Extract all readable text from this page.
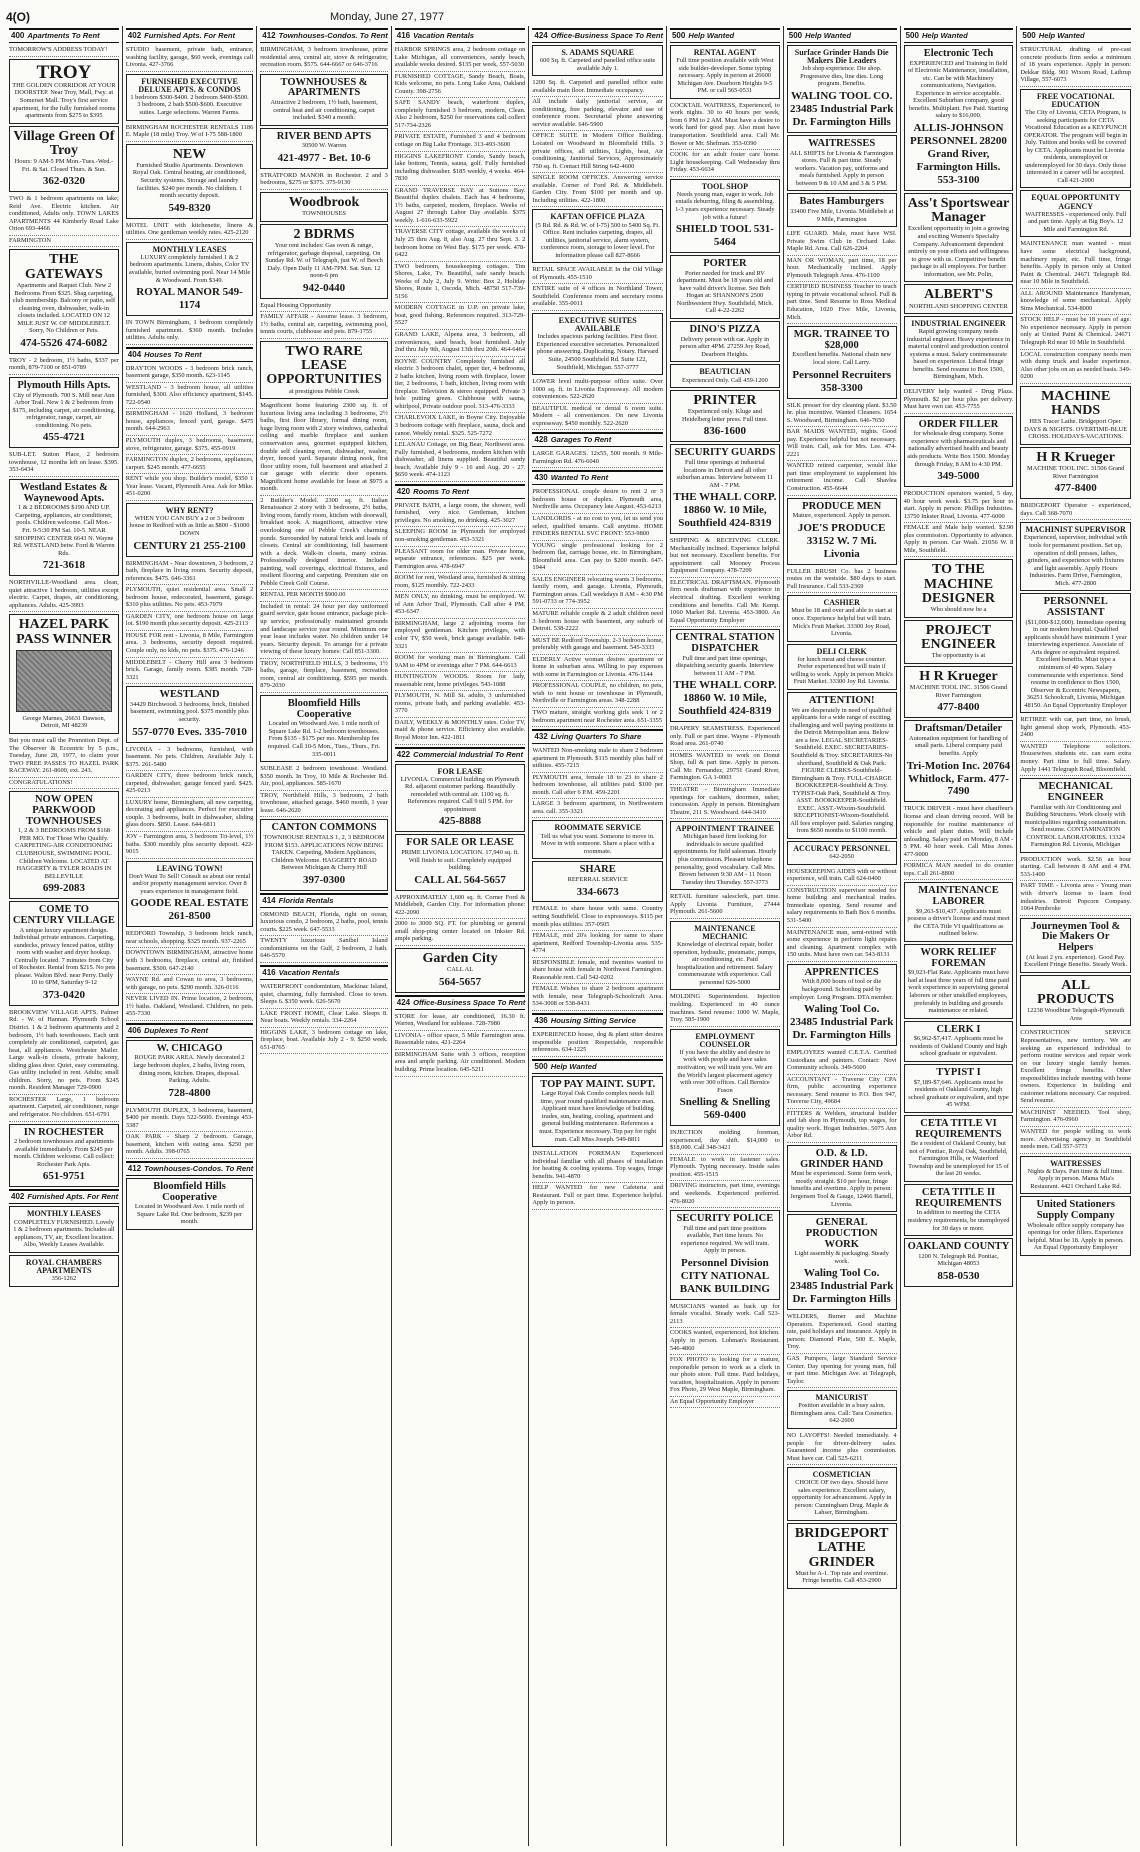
4(O)	Monday, June 27, 1977
400 Apartments To Rent
TOMORROW'S ADDRESS TODAY!
TROY
THE GOLDEN CORRIDOR AT YOUR DOORSTEP. Near Troy, Mall, Fwy. at Somerset Mall. Troy's first service apartment, for the fully furnished rooms apartments from $275 to $395
Village Green Of Troy
Hours: 9 AM-5 PM Mon.-Tues.-Wed.-Fri. & Sat. Closed Thurs. & Sun.
362-0320
TWO & 1 bedroom apartments on lake; Reid Ave. Electric kitchen. Air conditioned, Adults only. TOWN LAKES APARTMENTS 44 Kimberly Road Lake Orion 693-4466
FARMINGTON
THE GATEWAYS
Apartments and Raquet Club. New 2 Bedrooms From $325. Shag carpeting, club membership. Balcony or patio, self cleaning oven, dishwasher, walk-in closets included. LOCATED ON 12 MILE JUST W. OF MIDDLEBELT. Sorry, No Children or Pets.
474-5526 474-6082
TROY - 2 bedroom, 1½ baths, $337 per month, 879-7100 or 851-0789
Plymouth Hills Apts.
City of Plymouth. 700 S. Mill near Ann Arbor Trail. New 1 & 2 bedroom from $175, including carpet, air conditioning, refrigerator, range, carpet, air conditioning. No pets.
455-4721
SUB-LET. Sutton Place, 2 bedroom townhouse, 12 months left on lease. $395. 353-6434
Westland Estates & Waynewood Apts.
1 & 2 BEDROOMS $190 AND UP. Carpeting, appliances, air conditioner, pools. Children welcome. Call Mon.-Fri. 9-5:30 PM Sat. 10-5. NEAR SHOPPING CENTER 6643 N. Wayne Rd. WESTLAND betw. Ford & Warren Rds.
721-3618
NORTHVILLE-Woodland area. clean, quiet attractive 1 bedroom, utilities except electric. Carpet, drapes, air conditioning, appliances. Adults. 425-3993
HAZEL PARK PASS WINNER
George Marnes, 26631 Dawson, Detroit, MI 48239
But you must call the Promotion Dept. of The Observer & Eccentric by 5 p.m., Tuesday, June 28, 1977, to claim your TWO FREE PASSES TO HAZEL PARK RACEWAY. 261-8600, ext. 243.
CONGRATULATIONS!
NOW OPEN PARKWOOD TOWNHOUSES
1, 2 & 3 BEDROOMS FROM $168 PER MO. For Those Who Qualify. CARPETING-AIR CONDITIONING CLUBHOUSE, SWIMMING POOL. Children Welcome. LOCATED AT HAGGERTY & TYLER ROADS IN BELLEVILLE
699-2083
COME TO CENTURY VILLAGE
A unique luxury apartment design. Individual private entrances. Carpeting, sundecks, privacy fenced patios, utility room with washer and dryer hookup. Centrally located. 7 minutes from City of Rochester. Rental from $215. No pets please. Walton Blvd. near Perry. Daily 10 to 6PM, Saturday 9-12
373-0420
BROOKVIEW VILLAGE APTS. Palmer Rd. - W. of Hannan. Plymouth School District. 1 & 2 bedroom apartments and 2 bedroom, 1½ bath townhouses. Each unit completely air conditioned, carpeted, gas heat, all appliances. Westchester Mailer. Large walk-in closets, private balcony, sliding glass door. Quiet, easy commuting. Gas utility included in rent. Adults; small children. Sorry, no pets. From $245 month. Resident Manager 729-0900
ROCHESTER Large, 1 bedroom apartment. Carpeted, air conditioner, range and refrigerator. No children. 651-6791
IN ROCHESTER
2 bedroom townhouses and apartments available immediately. From $245 per month. Children welcome. Call collect: Rochester Park Apts.
651-9751
402 Furnished Apts. For Rent
MONTHLY LEASES
COMPLETELY FURNISHED. Lovely 1 & 2 bedroom apartments. Includes all appliances, TV, air, Excellent location. Albo, Weekly Leases Available.
ROYAL CHAMBERS APARTMENTS
356-1262
402 Furnished Apts. For Rent
STUDIO basement, private bath, entrance, washing facility, garage, $60 week, evenings call Livonia. 427-3766
FURNISHED EXECUTIVE DELUXE APTS. & CONDOS
1 bedroom $300-$400. 2 bedroom $400-$500. 3 bedroom, 2 bath $500-$600. Executive suites. Large selections. Warren Farms.
BIRMINGHAM ROCHESTER RENTALS 1186 E. Maple (18 mile) Troy. W of I-75 588-1800
NEW
Furnished Studio Apartments. Downtown Royal Oak. Central heating, air conditioned, Security systems. Storage and laundry facilities. $240 per month. No children. 1 month security deposit.
549-8320
MOTEL UNIT with kitchenette, linens & utilities. One gentleman weekly rates. 425-2120
MONTHLY LEASES
LUXURY completely furnished 1 & 2 bedroom apartments. Linens, dishes, Color TV available, buried swimming pool. Near 14 Mile & Woodward. From $349.
ROYAL MANOR 549-1174
IN TOWN Birmingham, 1 bedroom completely furnished apartment. $360 month. Includes utilities. Adults only.
404 Houses To Rent
DRAYTON WOODS - 3 bedroom brick ranch, basement garage, $350 month. 623-1145
WESTLAND - 3 bedroom house, all utilities furnished, $300. Also efficiency apartment, $145. 722-0540
BIRMINGHAM - 1620 Holland, 3 bedroom house, appliances, fenced yard, garage. $475 month. 644-2963
PLYMOUTH duplex, 3 bedrooms, basement, stove, refrigerator, garage. $375. 455-0919
FARMINGTON duplex, 2 bedrooms, appliances, carport. $245 month. 477-6655
RENT while you shop. Builder's model, $350 1 Year lease. Vacant, Plymouth Area. Ask for Mike. 451-0200
WHY RENT?
WHEN YOU CAN BUY a 2 or 3 bedroom house in Redford with as little as $800 - $1000 DOWN
CENTURY 21 255-2100
BIRMINGHAM - Near downtown, 3 bedroom, 2 bath, fireplace in living room. Security deposit, references. $475. 646-3361
PLYMOUTH, quiet residential area. Small 2 bedroom house, redecorated, basement, garage. $310 plus utilities. No pets. 453-7979
GARDEN CITY, one bedroom house on large lot. $190 month plus security deposit. 425-2113
HOUSE FOR rent - Livonia, 8 Mile, Farmington area. 3 bedrooms, security deposit required. Couple only, no kids, no pets. $375. 476-1246
MIDDLEBELT - Cherry Hill area 3 bedroom brick. Garage, family room. $385 month. 728-3321
WESTLAND
34429 Birchwood. 3 bedrooms, brick, finished basement, swimming pool. $375 monthly plus security.
557-0770 Eves. 335-7010
LIVONIA - 3 bedrooms, furnished, with basement. No pets. Children. Available July 1. $375. 261-5480
GARDEN CITY, three bedroom brick ranch, carpeted, dishwasher, garage fenced yard. $425. 425-0213
LUXURY home, Birmingham, all new carpeting, decorating and appliances. Perfect for executive couple. 3 bedrooms, built in dishwasher, sliding glass doors. $850. Lease. 644-6811
JOY - Farmington area, 3 bedroom Tri-level, 1½ baths. $300 monthly plus security deposit. 422-9015
LEAVING TOWN!
Don't Want To Sell! Consult us about our rental and/or property management service. Over 8 years experience in management field.
GOODE REAL ESTATE 261-8500
REDFORD Township, 3 bedroom brick ranch, near schools, shopping. $325 month. 937-2265
DOWNTOWN BIRMINGHAM, attractive home with 3 bedrooms, fireplace, central air, finished basement. $500. 647-2140
WAYNE Rd. and Cowan to area, 3 bedrooms, with garage, no pets. $290 month. 326-0116
NEVER LIVED IN. Prime location, 2 bedroom, 1½ baths. Oakland, Westland. Children, no pets. 455-7330
406 Duplexes To Rent
W. CHICAGO
ROUGE PARK AREA. Newly decorated 2 large bedroom duplex, 2 baths, living room, dining room, kitchen. Drapes, disposal. Parking. Adults.
728-4800
PLYMOUTH DUPLEX, 3 bedrooms, basement, $400 per month. Days 522-5600. Evenings 453-3387
OAK PARK - Sharp 2 bedroom. Garage, basement, kitchen with eating area. $250 per month. Adults. 398-0765
412 Townhouses-Condos. To Rent
Bloomfield Hills Cooperative
Located in Woodward Ave. 1 mile north of Square Lake Rd. One bedroom, $239 per month.
412 Townhouses-Condos. To Rent
BIRMINGHAM, 3 bedroom townhouse, prime residential area, central air, stove & refrigerator, recreation room. $575. 644-6667 or 646-3716
TOWNHOUSES & APARTMENTS
Attractive 2 bedroom, 1½ bath, basement, central heat and air conditioning, carpet included. $340 a month.
RIVER BEND APTS
30500 W. Warren
421-4977 - Bet. 10-6
STRATFORD MANOR in Rochester. 2 and 3 bedrooms, $275 or $375. 375-9130
Woodbrook
TOWNHOUSES
2 BDRMS
Your rent includes: Gas oven & range, refrigerator, garbage disposal, carpeting. On Sunday Rd. W. of Telegraph, just W. of Beech Daly. Open Daily 11 AM-7PM. Sat. Sun. 12 noon-6 pm
942-0440
Equal Housing Opportunity
FAMILY AFFAIR - Assume lease. 3 bedroom, 1½ baths, central air, carpeting, swimming pool, tennis courts, clubhouse and pets. 879-1755
TWO RARE LEASE OPPORTUNITIES
at prestigious Pebble Creek
Magnificent home featuring 2300 sq. ft. of luxurious living area including 3 bedrooms, 2½ baths, first floor library, formal dining room, huge living room with 2 story windows, cathedral ceiling and marble fireplace and sunken conservation area, gourmet equipped kitchen, double self cleaning oven, dishwasher, washer, dryer, fenced yard. Separate dining nook, first floor utility room, full basement and attached 2 car garage with electric door openers. Magnificent home available for lease at $975 a month.
2 Builder's Model. 2300 sq. ft. Italian Renaissance 2 story with 3 bedrooms, 2½ baths, living room, family room, kitchen with doorwall, breakfast nook. A magnificent, attractive view overlooking one of Pebble Creek's charming ponds. Surrounded by natural brick and loads of closets. Central air conditioning, full basement with a deck. Walk-in closets, many extras. Professionally designed interior. Includes painting, wall coverings, electrical fixtures, and resilient flooring and carpeting. Premium site on Pebble Creek Golf Course.
RENTAL PER MONTH $900.00
Included in rental: 24 hour per day uniformed guard service, gate house entrance, package pick-up service, professionally maintained grounds and landscape service year round. Minimum one year lease includes water. No children under 14 years. Security deposit. To arrange for a private viewing of these luxury homes: Call 851-3300.
TROY, NORTHFIELD HILLS, 3 bedrooms, 1½ baths, garage, fireplace, basement, recreation room, central air conditioning. $595 per month. 879-2030
Bloomfield Hills Cooperative
Located on Woodward Ave. 1 mile north of Square Lake Rd. 1-2 bedroom townhouses. From $135 - $175 per mo. Membership fee required. Call 10-5 Mon., Tues., Thurs., Fri. 335-0011
SUBLEASE 2 bedroom townhouse. Westland. $350 month. In Troy, 10 Mile & Rochester Rd. Air, pool, appliances. 585-1670
TROY, Northfield Hills, 3 bedroom, 2 bath townhouse, attached garage. $460 month, 1 year lease. 646-2620
CANTON COMMONS
TOWNHOUSE RENTALS 1, 2, 3 BEDROOM FROM $153. APPLICATIONS NOW BEING TAKEN. Carpeting, Modern Appliances, Children Welcome. HAGGERTY ROAD Between Michigan & Cherry Hill
397-0300
414 Florida Rentals
ORMOND BEACH, Florida, right on ocean, luxurious condo, 2 bedroom, 2 baths, pool, tennis courts. $225 week. 647-5533
TWENTY luxurious Sanibel Island condominiums on the Gulf, 2 bedroom, 2 bath. 646-5570
416 Vacation Rentals
WATERFRONT condominium, Mackinac Island, quiet, charming, fully furnished. Close to town. Sleeps 6. $350 week. 626-5670
LAKE FRONT HOME, Clear Lake. Sleeps 8. Near boats. Weekly rentals. 334-2264
HIGGINS LAKE, 3 bedroom cottage on lake, fireplace, boat. Available July 2 - 9. $250 week. 651-8765
416 Vacation Rentals
HARBOR SPRINGS area, 2 bedroom cottage on Lake Michigan, all conveniences, sandy beach, available weeks desired. $135 per week, 557-5030
FURNISHED COTTAGE, Sandy Beach, Boats, Kids welcome, no pets. Long Lake Area, Oakland County. 398-2756
SAFE SANDY beach, waterfront duplex, completely furnished 3 bedroom, modern, Clean. Also 2 bedroom, $250 for reservations call collect 517-734-2326
PRIVATE ESTATE, Furnished 3 and 4 bedroom cottage on Big Lake Frontage. 313-493-3600
HIGGINS LAKEFRONT Condo, Sandy beach, lake bottom, Tennis, sauna, golf. Fully furnished including dishwasher. $185 weekly, 4 weeks. 464-7830
GRAND TRAVERSE BAY at Suttons Bay. Beautiful duplex chalets. Each has 4 bedrooms, 1½ baths, carpeted, modern, fireplace. Weeks of August 27 through Labor Day available. $375 weekly. 1-616-633-5922
TRAVERSE CITY cottage, available the weeks of July 25 thru Aug. 8, also Aug. 27 thru Sept. 3. 2 bedroom home on West Bay. $175 per week. 478-6422
TWO bedroom, housekeeping cottages. Tim Shores, Lake, Tv. Beautiful, safe sandy beach. Weeks of July 2, July 9. Write: Box 2, Holiday Shores, Route 1, Oscoda, Mich. 48750 517-739-5156
MODERN COTTAGE in U.P. on private lake, boat, good fishing. References required. 313-729-5527
GRAND LAKE, Alpena area, 3 bedroom, all conveniences, sand beach, boat furnished. July 2nd thru July 9th, August 13th thru 20th. 464-6464
BOYNE COUNTRY Completely furnished all electric 3 bedroom chalet, upper tier, 4 bedrooms, 2 baths kitchen, living room with fireplace, lower tier, 2 bedrooms, 1 bath, kitchen, living room with fireplace. Television & stereo equipped. Private 3 hole putting green. Clubhouse with sauna, whirlpool, Private outdoor pool. 313-476-3333
CHARLEVOIX LAKE, in Boyne City. Enjoyable 3 bedroom cottage with fireplace, sauna, dock and canoe. Weekly rental. $325. 525-7272
LELANAU Cottage, on Big Bear, Northwest area. Fully furnished, 4 bedrooms, modern kitchen with dishwasher, all linens supplied. Beautiful sandy beach. Available July 9 - 16 and Aug. 20 - 27. $650 week. 474-1123
420 Rooms To Rent
PRIVATE BATH, a large room, the shower, well furnished, very nice. Gentleman, kitchen privileges. No smoking, no drinking. 425-3027
SLEEPING ROOM in Plymouth for employed non-smoking gentleman. 453-3321
PLEASANT room for older man. Private home, separate entrance, references. $25 per week. Farmington area. 478-6947
ROOM for rent, Westland area, furnished & sitting room, $125 monthly. 722-2433
MEN ONLY, no drinking, must be employed. W. of Ann Arbor Trail, Plymouth. Call after 4 PM. 453-6347
BIRMINGHAM, large 2 adjoining rooms for employed gentleman. Kitchen privileges, with color TV, $50 week, brick garage available. 646-3321
ROOM for working man in Birmingham. Call 9AM to 4PM or evenings after 7 PM. 644-6613
HUNTINGTON WOODS. Room for lady, reasonable rent, home privileges. 543-1088
PLYMOUTH, N. Mill St. adults, 3 unfurnished rooms, private bath, and parking available. 453-3770
DAILY, WEEKLY & MONTHLY rates. Color TV, maid & phone service. Efficiency also available. Royal Motor Inn. 422-1811
422 Commercial Industrial To Rent
FOR LEASE
LIVONIA. Commercial building on Plymouth Rd. adjacent customer parking. Beautifully remodeled with central air. 1100 sq. ft. References required. Call 9 till 5 PM. for appointment
425-8888
FOR SALE OR LEASE
PRIME LIVONIA LOCATION. 17,940 sq. ft. Will finish to suit. Completely equipped building.
CALL AL 564-5657
APPROXIMATELY 1,600 sq. ft. Corner Ford & Middlebelt, Garden City. For information phone: 422-2090
2000 to 3000 SQ. FT. for plumbing or general small shop-ping center located on Inkster Rd. ample parking.
Garden City
CALL AL
564-5657
424 Office-Business Space To Rent
STORE for lease, air conditioned, 16.30 ft. Warren, Westland for sublease. 728-7980
LIVONIA - office space, 5 Mile Farmington area. Reasonable rates. 421-2264
BIRMINGHAM Suite with 3 offices, reception area and ample parking. Air conditioned. Modern building. Prime location. 645-5211
424 Office-Business Space To Rent
S. ADAMS SQUARE
600 Sq. ft. Carpeted and panelled office suite available July 1.
1200 Sq. ft. Carpeted and panelled office suite available main floor. Immediate occupancy.
All include daily janitorial service, air conditioning, free parking, elevator and use of conference room. Secretarial phone answering service available. 646-5900
OFFICE SUITE in Modern Office Building. Located on Woodward in Bloomfield Hills. 3 private offices, all utilities, Lights, heat, Air conditioning, Janitorial Services, Approximately 750 sq. ft. Contact Hill String 642-4600
SINGLE ROOM OFFICES. Answering service available. Corner of Ford Rd. & Middlebelt. Garden City. From $100 per month and up. Including utilities. 422-1800
KAFTAN OFFICE PLAZA
(5 Rd. Rd. & Rd. W. of I-75) 500 to 5400 Sq. Ft. Office. Rent includes carpeting, drapes, all utilities, janitorial service, alarm system, conference room, storage to lower level. For information please call 827-8666
RETAIL SPACE AVAILABLE In the Old Village of Plymouth. 455-1510
ENTIRE suite of 4 offices in Northland Tower, Southfield. Conference room and secretary rooms available. 355-0011
EXECUTIVE SUITES AVAILABLE
Includes spacious parking facilities. First floor. Experienced executive secretaries. Personalized phone answering. Duplicating. Notary. Harvard Suite, 24500 Southfield Rd. Suite 122, Southfield, Michigan. 557-3777
LOWER level multi-purpose office suite. Over 1000 sq. ft. in Livonia Expressway. All modern conveniences. 522-2620
BEAUTIFUL medical or dental 6 room suite. Modern - all conveniences. On new Livonia expressway. $450 monthly. 522-2620
428 Garages To Rent
LARGE GARAGES. 12x55, 500 month. 9 Mile-Farmington Rd. 476-6040
430 Wanted To Rent
PROFESSIONAL couple desire to rent 2 or 3 bedroom house or duplex. Plymouth area, Northville area. Occupancy late August. 453-6213
LANDLORDS - at no cost to you, let us send you select, qualified tenants. Call anytime. HOME FINDERS RENTAL SVC FRONT: 553-9800
YOUNG single professional looking for 2 bedroom flat, carriage house, etc. in Birmingham, Bloomfield area. Can pay to $200 month. 647-1944
SALES ENGINEER relocating wants 3 bedrooms, family room, and garage. Livonia, Plymouth, Farmington areas. Call weekdays 8 AM - 4:30 PM 591-0733 or 774-3952
MATURE reliable couple & 2 adult children need 3 bedroom house with basement, any suburb of Detroit. 538-2222
MUST BE Redford Township. 2-3 bedroom home, preferably with garage and basement. 545-3333
ELDERLY Active woman desires apartment or home in suburban area. Willing to pay expenses with some in Farmington or Livonia. 476-1144
PROFESSIONAL COUPLE, no children, no pets, wish to rent house or townhouse in Plymouth, Northville or Farmington areas. 348-2288
TWO mature, straight working girls seek 1 or 2 bedroom apartment near Rochester area. 651-3355
432 Living Quarters To Share
WANTED Non-smoking male to share 2 bedroom apartment in Plymouth. $115 monthly plus half of utilities. 455-7215
PLYMOUTH area, female 18 to 23 to share 2 bedroom townhouse, all utilities paid. $100 per month. Call after 6 P.M. 459-2201
LARGE 3 bedroom apartment, in Northwestern area. call. 355-3321
ROOMMATE SERVICE
Tell us what you want. Someone to move in. Move in with someone. Share a place with a roommate.
SHARE
REFERRAL SERVICE
334-6673
FEMALE to share house with same. Country setting Southfield. Close to expressways. $115 per month plus utilities. 357-0505
FEMALE, mid 20's looking for same to share apartment, Redford Township-Livonia area. 535-4774
RESPONSIBLE female, mid twenties wanted to share house with female in Northwest Farmington. Reasonable rent. Call 542-0202
FEMALE Wishes to share 2 bedroom apartment with female, near Telegraph-Schoolcraft Area. 534-3008 or 538-8431
436 Housing Sitting Service
EXPERIENCED house, dog & plant sitter desires responsible position Respectable, responsible references. 634-1225
500 Help Wanted
TOP PAY MAINT. SUPT.
Large Royal Oak Condo complex needs full time, year round qualified maintenance man. Applicant must have knowledge of building trades, sun, heating, cooling, apartment and general building maintenance. References a must. Experience necessary. Top pay for right man. Call Miss Joseph. 549-8811
INSTALLATION FOREMAN Experienced individual familiar with all phases of installation for heating & cooling systems. Top wages, fringe benefits. 941-4870
HELP WANTED for new Cafeteria and Restaurant. Full or part time. Experience helpful. Apply in person.
500 Help Wanted
RENTAL AGENT
Full time position available with West side builder-developer. Some typing necessary. Apply in person at 26600 Michigan Ave. Dearborn Heights 9-5 PM. or call 565-0531
COCKTAIL WAITRESS, Experienced, to work nights. 30 to 40 hours per week, from 6 PM to 2 AM. Must have a desire to work hard for good pay. Also must have transportation. Southfield area. Call Mr. Bower or Mr. Shefman. 353-0390
COOK for an adult foster care home. Light housekeeping. Call Wednesday thru Friday. 453-6634
TOOL SHOP
Needs young man, eager to work. Job entails deburring, filing & assembling. 1-3 years experience necessary. Steady job with a future!
SHIELD TOOL 531-5464
PORTER
Porter needed for truck and RV department. Must be 18 years old and have valid driver's license. See Bob Hogan at: SHANNON'S 2500 Northwestern Hwy. Southfield, Mich. Call 4-22-2262
DINO'S PIZZA
Delivery person with car. Apply in person after 4PM. 27259 Joy Road, Dearborn Heights.
BEAUTICIAN
Experienced Only. Call 459-1200
PRINTER
Experienced only. Kluge and Heidelberg letter press. Full time.
836-1600
SECURITY GUARDS
Full time openings at industrial locations in Detroit and all other suburban areas. Interview between 11 AM - 7 PM.
THE WHALL CORP. 18860 W. 10 Mile, Southfield 424-8319
SHIPPING & RECEIVING CLERK. Mechanically inclined. Experience helpful but not necessary. Excellent benefits. For appointment call Mooney Process Equipment Company. 478-7209
ELECTRICAL DRAFTSMAN. Plymouth firm needs draftsman with experience in electrical drafting. Excellent working conditions and benefits. Call Mr. Kemp. 1060 Market Rd. Livonia. 453-3800. An Equal Opportunity Employer
CENTRAL STATION DISPATCHER
Full time and part time openings, dispatching security guards. Interview between 11 AM - 7 PM.
THE WHALL CORP. 18860 W. 10 Mile, Southfield 424-8319
DRAPERY SEAMSTRESS. Experienced only. Full or part time. Wayne - Plymouth Road area. 261-0740
HOMES WANTED to work on Donut Shop, full & part time. Apply in person. Call Mr. Fernandez, 29751 Grand River, Farmington. GA 1-0003
THEATRE - Birmingham Immediate openings for cashiers, doormen, usher, concession. Apply in person. Birmingham Theatre, 211 S. Woodward. 644-3419
APPOINTMENT TRAINEE
Michigan based firm looking for individuals to secure qualified appointments for field salesman. Hourly plus commission. Pleasant telephone personality, good vocabulary. Call Mrs. Brown between 9:30 AM - 11 Noon Tuesday thru Thursday. 557-3773
RETAIL furniture salesclerk, part time. Apply Livonia Furniture, 27444 Plymouth. 261-5600
MAINTENANCE MECHANIC
Knowledge of electrical repair, boiler operation, hydraulic, pneumatic, pumps, air conditioning, etc. Paid hospitalization and retirement. Salary commensurate with experience. Call personnel 626-5000
MOLDING Superintendent. Injection molding. Experienced in 40 ounce machines. Send resume: 1000 W. Maple, Troy. 585-1900
EMPLOYMENT COUNSELOR
If you have the ability and desire to work with people and have sales motivation, we will train you. We are the World's largest placement agency with over 300 offices. Call Bernice Fuson
Snelling & Snelling 569-0400
INJECTION molding foreman, experienced, day shift. $14,000 to $18,000. Call 348-3421
FEMALE to work in fastener sales. Plymouth. Typing necessary. Inside sales position. 455-1515
DRIVING instructors, part time, evenings and weekends. Experienced preferred. 476-8020
SECURITY POLICE
Full time and part time positions available, Part time hours. No experience required. We will train. Apply in person.
Personnel Division CITY NATIONAL BANK BUILDING
MUSICIANS wanted as back up for female vocalist. Steady work. Call 523-2113
COOKS wanted, experienced, hot kitchen. Apply in person. Lohman's Restaurant. 546-4860
FOX PHOTO is looking for a mature, responsible person to work as a clerk in our photo store. Full time. Paid holidays, vacation, hospitalization. Apply in person: Fox Photo, 29 West Maple, Birmingham.
An Equal Opportunity Employer
500 Help Wanted
Surface Grinder Hands Die Makers Die Leaders
Job shop experience. Die shop. Progressive dies, line dies. Long program. Benefits.
WALING TOOL CO. 23485 Industrial Park Dr. Farmington Hills
WAITRESSES
ALL SHIFTS for Livonia & Farmington stores. Full & part time. Steady workers. Vacation pay, uniforms and meals furnished. Apply in person between 9 & 10 AM and 3 & 5 PM.
Bates Hamburgers
33400 Five Mile, Livonia. Middlebelt at 9 Mile, Farmington
LIFE GUARD. Male, must have WSI. Private Swim Club in Orchard Lake. Maple Rd. Area. Call 626-2204
MAN OR WOMAN, part time, 18 per hour. Mechanically inclined. Apply Plymouth Telegraph Area. 476-1100
CERTIFIED BUSINESS Teacher to teach typing in private vocational school. Full & part time. Send Resume to Ross Medical Education, 1020 Five Mile, Livonia, Mich.
MGR. TRAINEE TO $28,000
Excellent benefits. National chain new local store. Call Larry.
Personnel Recruiters 358-3300
SILK presser for dry cleaning plant. $3.50 hr. plus incentive. Wanted Cleaners. 1654 S. Woodward, Birmingham. 646-7650
BAR MAIDS WANTED, nights. Good pay. Experience helpful but not necessary. Will train. Call, ask for Mrs. Lee. 474-2221
WANTED retired carpenter, would like part time employment to supplement his retirement income. Call Shavlea Construction. 455-6644
PRODUCE MEN
Mature, experienced. Apply in person.
JOE'S PRODUCE 33152 W. 7 Mi. Livonia
FULLER BRUSH Co. has 2 business routes on the westside. $80 days to start. Full Insurance. Call 533-2369
CASHIER
Must be 18 and over and able to start at once. Experience helpful but will train. Mick's Fruit Market. 33300 Joy Road, Livonia.
DELI CLERK
for lunch meat and cheese counter. Prefer experienced but will train if willing to work. Apply in person Mick's Fruit Market. 33300 Joy Rd. Livonia.
ATTENTION!
We are desperately in need of qualified applicants for a wide range of exciting, challenging and well paying positions in the Detroit Metropolitan area. Below are a few. LEGAL SECRETARIES-Southfield. EXEC. SECRETARIES-Southfield & Troy. SECRETARIES-No shorthand, Southfield & Oak Park. FIGURE CLERKS-Southfield-Birmingham & Troy. FULL-CHARGE BOOKKEEPER-Southfield & Troy. TYPIST-Oak Park, Southfield & Troy. ASST. BOOKKEEPER-Southfield. EXEC. ASST.-Wixom-Southfield. RECEPTIONIST-Wixom-Southfield. All fees employer paid. Salaries ranging from $650 months to $1100 month.
ACCURACY PERSONNEL
642-2050
HOUSEKEEPING AIDES with or without experience, will train. Call 624-0400
CONSTRUCTION supervisor needed for home building and mechanical trades. Immediate opening. Send resume and salary requirements to Bath Box 6 months. 531-5400
MAINTENANCE man, semi-retired with some experience in perform light repairs and cleaning. Apartment complex with 150 units. Must have own car. 543-8131
APPRENTICES
With 8,000 hours of tool or die background. Schooling paid by employer. Long Program. DTA member.
Waling Tool Co. 23485 Industrial Park Dr. Farmington Hills
EMPLOYEES wanted C.E.T.A. Certified Custodians and painters. Contact: Novi Community schools. 349-5600
ACCOUNTANT - Traverse City CPA firm, public accounting experience necessary. Send resume to P.O. Box 947, Traverse City, 49684
FITTERS & Welders, structural builder and fab shop in Plymouth, top wages, for quality work. Hogan Industries. 5075 Ann Arbor Rd.
O.D. & I.D. GRINDER HAND
Must be experienced. Some form work, mostly straight. $10 per hour, fringe benefits and overtime. Apply in person: Jergensen Tool & Gauge, 12466 Bartell, Livonia.
GENERAL PRODUCTION WORK
Light assembly & packaging. Steady work.
Waling Tool Co. 23485 Industrial Park Dr. Farmington Hills
WELDERS, Burner and Machine Operators. Experienced. Good starting rate, paid holidays and insurance. Apply in person: Diamond Plate, 500 E. Maple, Troy.
GAS Pumpers, large Standard Service Center. Day opening for young man, full or part time. Michigan Ave. at Telegraph, Taylor.
MANICURIST
Position available in a busy salon. Birmingham area. Call: Tara Cosmetics. 642-2600
NO LAYOFFS! Needed immediately. 4 people for driver-delivery sales. Guaranteed income plus commission. Must have car. Call 525-6211
COSMETICIAN
CHOICE OF two days. Should have sales experience. Excellent salary, opportunity for advancement. Apply in person: Cunningham Drug. Maple & Lahser, Birmingham.
BRIDGEPORT LATHE GRINDER
Must be A-1. Top rate and overtime. Fringe benefits. Call 453-2900
500 Help Wanted
Electronic Tech
EXPERIENCED and Training in field of Electronic Maintenance, installation, etc. Can be with Machinery communications, Navigation. Experience in service acceptable. Excellent Suburban company, good benefits. Multiplant. Fee Paid. Starting salary to $16,000.
ALLIS-JOHNSON PERSONNEL 28200 Grand River, Farmington Hills. 553-3100
Ass't Sportswear Manager
Excellent opportunity to join a growing and exciting Women's Specialty Company. Advancement dependent entirely on your efforts and willingness to grow with us. Competitive benefit package to all employees. For further information, see Mr. Polin,
ALBERT'S
NORTHLAND SHOPPING CENTER
INDUSTRIAL ENGINEER
Rapid growing company needs industrial engineer. Heavy experience in material control and production control systems a must. Salary commensurate based on experience. Liberal fringe benefits. Send resume to Box 1500, Birmingham, Mich.
DELIVERY help wanted - Drug Plaza. Plymouth. $2 per hour plus per delivery. Must have own car. 453-7755
ORDER FILLER
for wholesale drug company. Some experience with pharmaceuticals and nationally advertised health and beauty aids products. Write Box 1500. Monday through Friday, 8 AM to 4:30 PM.
349-5000
PRODUCTION operators wanted, 5 day, 40 hour work week. $3.75 per hour to start. Apply in person: Phillips Industries. 13750 Inkster Road, Livonia. 477-6000
FEMALE and Male help wanted. $2.90 plus commission. Opportunity to advance. Apply in person. Car Wash. 21056 W. 8 Mile, Southfield.
TO THE MACHINE DESIGNER
Who should now be a
PROJECT ENGINEER
The opportunity is at
H R Krueger
MACHINE TOOL INC. 31506 Grand River Farmington
477-8400
Draftsman/Detailer
Automation equipment for handling of small parts. Liberal company paid benefits. Apply
Tri-Motion Inc. 20764 Whitlock, Farm. 477-7490
TRUCK DRIVER - must have chauffeur's license and clean driving record. Will be responsible for routine maintenance of vehicle and plant duties. Will include unloading. Salary paid on Monday, 8 AM - 5 PM. 40 hour week. Call Miss Jones. 477-9000
FORMICA MAN needed to do counter tops. Call 261-8800
MAINTENANCE LABORER
$9,263-$10,437. Applicants must possess a driver's license and must meet the CETA Title VI qualifications as outlined below.
WORK RELIEF FOREMAN
$9,923-Flat Rate. Applicants must have had at least three years of full time paid work experience in supervising general laborers or other unskilled employees, preferably in building and grounds maintenance or related.
CLERK I
$6,962-$7,417. Applicants must be residents of Oakland County and high school graduate or equivalent.
TYPIST I
$7,189-$7,646. Applicants must be residents of Oakland County, high school graduate or equivalent, and type 45 WPM.
CETA TITLE VI REQUIREMENTS
Be a resident of Oakland County, but not of Pontiac, Royal Oak, Southfield, Farmington Hills, or Waterford Township and be unemployed for 15 of the last 20 weeks.
CETA TITLE II REQUIREMENTS
In addition to meeting the CETA residency requirements, be unemployed for 30 days or more.
OAKLAND COUNTY
1200 N. Telegraph Rd. Pontiac, Michigan 48053
858-0530
500 Help Wanted
STRUCTURAL drafting of pre-cast concrete products firm seeks a minimum of 18 years experience. Apply in person: Dekkar Bldg. 901 Wixom Road, Lathrup Village, 557-6073
FREE VOCATIONAL EDUCATION
The City of Livonia, CETA Program, is seeking participants for CETA Vocational Education as a KEYPUNCH OPERATOR. The program will begin in July. Tuition and books will be covered by CETA. Applicants must be Livonia residents, unemployed or underemployed for 30 days. Only those interested in a career will be accepted. Call 421-2000
EQUAL OPPORTUNITY AGENCY
WAITRESSES - experienced only. Full and part time. Apply at Big Boy's. 12 Mile and Farmington Rd.
MAINTENANCE man wanted - must have some electrical background, machinery repair, etc. Full time, fringe benefits. Apply in person only at United Paint & Chemical. 24671 Telegraph Rd. near 10 Mile in Southfield.
ALL AROUND Maintenance Handyman, knowledge of some mechanical. Apply Sims Mechanical. 534-8000
STOCK HELP - must be 18 years of age. No experience necessary. Apply in person only at United Paint & Chemical. 24671 Telegraph Rd near 10 Mile in Southfield.
LOCAL construction company needs men with dump truck and loader experience. Also other jobs on an as needed basis. 349-0200
MACHINE HANDS
HES Tracer Lathe. Bridgeport Oper. DAYS & NIGHTS. OVERTIME-BLUE CROSS. HOLIDAYS-VACATIONS.
H R Krueger
MACHINE TOOL INC. 31506 Grand River Farmington
477-8400
BRIDGEPORT Operator - experienced, days. Call 368-7070
MACHINIST SUPERVISOR
Experienced, supervisor, individual with tools for permanent position. Set up, operation of drill presses, lathes, grinders, and experience with fixtures and light assembly. Apply Hours Industries. Farm Drive, Farmington, Mich. 477-2800
PERSONNEL ASSISTANT
($11,000-$12,000). Immediate opening in our modern hospital. Qualified applicants should have minimum 1 year interviewing experience. Associate of Arts degree or equivalent required. Excellent benefits. Must type a minimum of 40 wpm. Salary commensurate with experience. Send resume in confidence to Box 1500, Observer & Eccentric Newspapers, 36251 Schoolcraft, Livonia, Michigan 48150. An Equal Opportunity Employer
RETIREE with car, part time, no brush, light general shop work, Plymouth. 453-2400
WANTED Telephone solicitors. Housewives students etc. can earn extra money. Part time to full time. Salary. Apply 1441 Telegraph Road, Bloomfield.
MECHANICAL ENGINEER
Familiar with Air Conditioning and Building Structures. Work closely with municipalities regarding contamination. Send resume. CONTAMINATION CONTROL LABORATORIES. 13324 Farmington Rd. Livonia, Michigan
PRODUCTION work. $2.56 an hour starting. Call between 8 AM and 4 PM. 533-1400
PART TIME - Livonia area - Young man with driver's license to learn food industries. Detroit Popcorn Company. 1064 Pembroke
Journeymen Tool & Die Makers Or Helpers
(At least 2 yrs. experience). Good Pay. Excellent Fringe Benefits. Steady Work.
ALL PRODUCTS
12238 Woodbine Telegraph-Plymouth Area
CONSTRUCTION SERVICE Representatives, new territory. We are seeking an experienced individual to perform routine services and repair work on our luxury single family homes. Excellent fringe benefits. Other responsibilities include meeting with home owners. Experience in building and customer relations necessary. Car required. Send resume.
MACHINIST NEEDED. Tool shop, Farmington. 476-0960
WANTED for people willing to work more. Advertising agency in Southfield needs men. Call 557-3773
WAITRESSES
Nights & Days. Part time & full time. Apply in person. Mama Mia's Restaurant. 4421 Orchard Lake Rd.
United Stationers Supply Company
Wholesale office supply company has openings for order fillers. Experience helpful. Must be 18. Apply in person. An Equal Opportunity Employer
